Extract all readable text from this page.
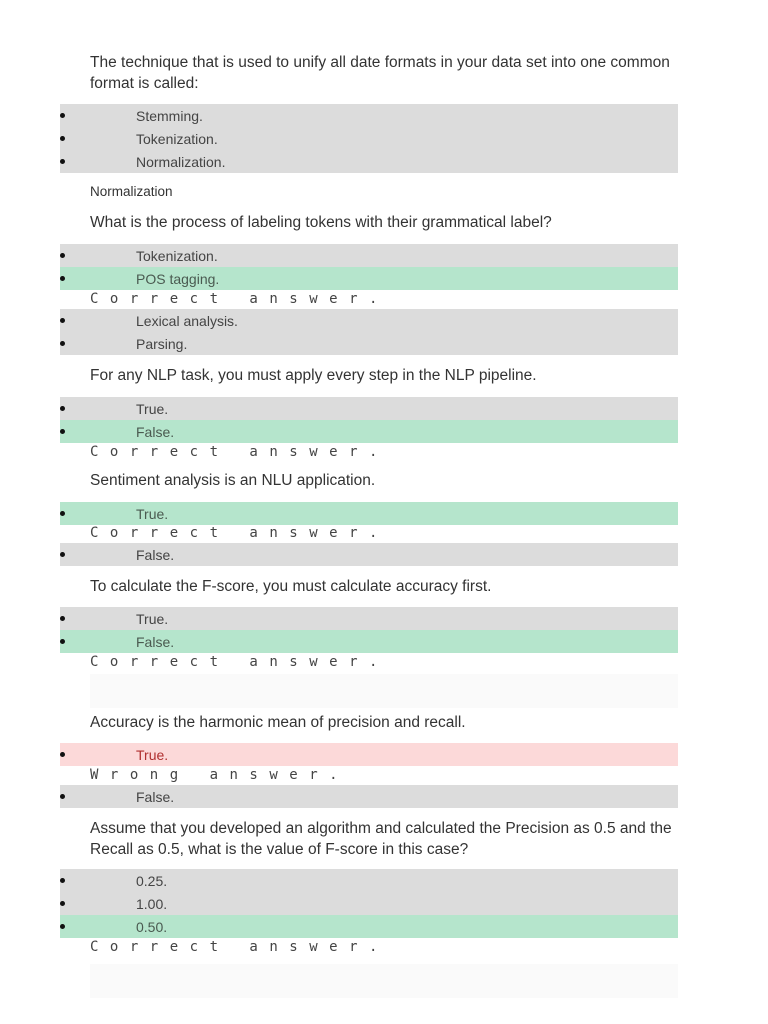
The technique that is used to unify all date formats in your data set into one common format is called:

Stemming.
Tokenization.
Normalization.
Normalization

What is the process of labeling tokens with their grammatical label?

Tokenization.
POS tagging.
Correct answer.
Lexical analysis.
Parsing.

For any NLP task, you must apply every step in the NLP pipeline.

True.
False.
Correct answer.

Sentiment analysis is an NLU application.

True.
Correct answer.
False.

To calculate the F-score, you must calculate accuracy first.

True.
False.
Correct answer.

Accuracy is the harmonic mean of precision and recall.

True.
Wrong answer.
False.

Assume that you developed an algorithm and calculated the Precision as 0.5 and the Recall as 0.5, what is the value of F-score in this case?

0.25.
1.00.
0.50.
Correct answer.
